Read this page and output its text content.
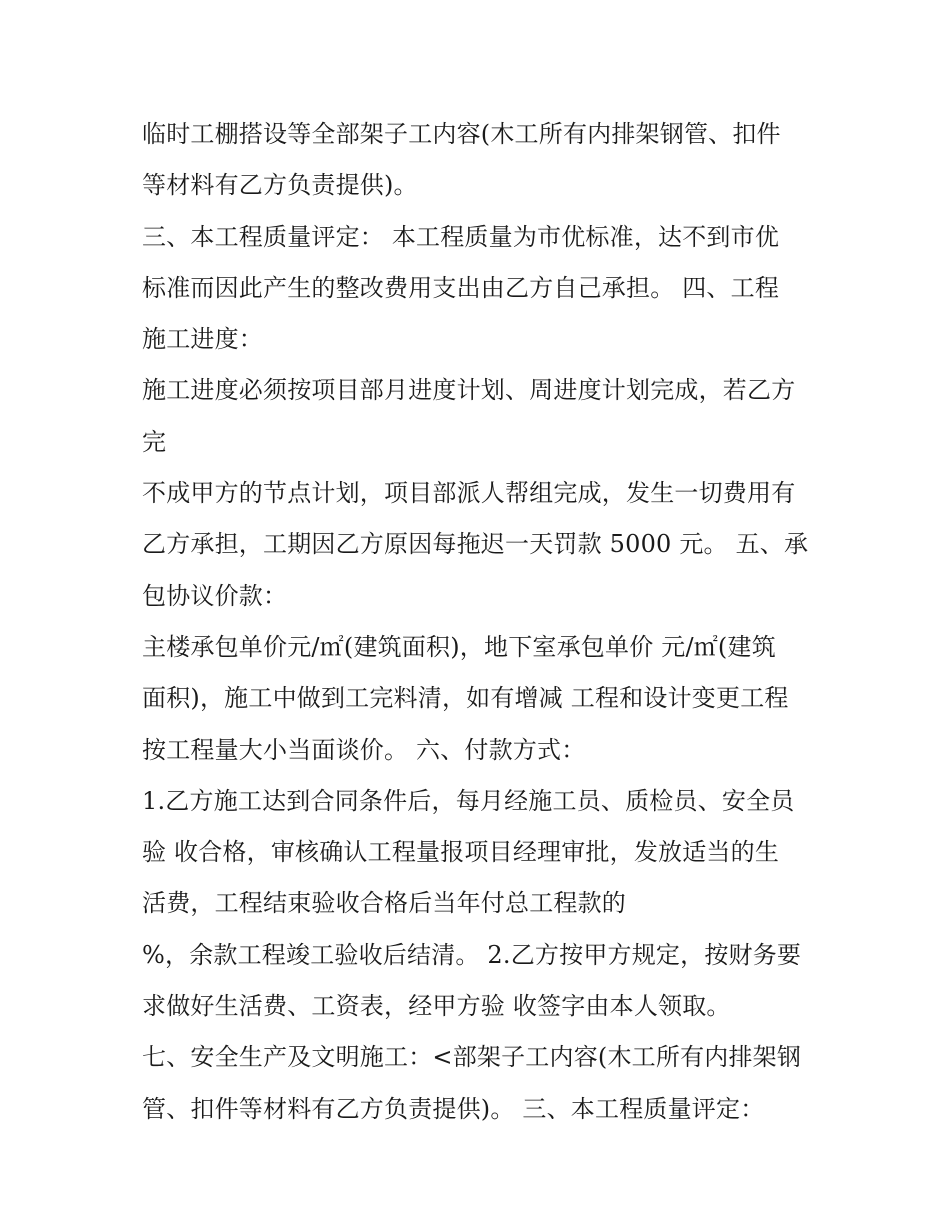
临时工棚搭设等全部架子工内容(木工所有内排架钢管、扣件
等材料有乙方负责提供)。
三、本工程质量评定： 本工程质量为市优标准，达不到市优
标准而因此产生的整改费用支出由乙方自己承担。 四、工程
施工进度：
施工进度必须按项目部月进度计划、周进度计划完成，若乙方
完
不成甲方的节点计划，项目部派人帮组完成，发生一切费用有
乙方承担，工期因乙方原因每拖迟一天罚款 5000 元。 五、承
包协议价款：
主楼承包单价元/㎡(建筑面积)，地下室承包单价 元/㎡(建筑
面积)，施工中做到工完料清，如有增减 工程和设计变更工程
按工程量大小当面谈价。 六、付款方式：
1.乙方施工达到合同条件后，每月经施工员、质检员、安全员
验 收合格，审核确认工程量报项目经理审批，发放适当的生
活费，工程结束验收合格后当年付总工程款的
%，余款工程竣工验收后结清。 2.乙方按甲方规定，按财务要
求做好生活费、工资表，经甲方验 收签字由本人领取。
七、安全生产及文明施工：<部架子工内容(木工所有内排架钢
管、扣件等材料有乙方负责提供)。 三、本工程质量评定：
